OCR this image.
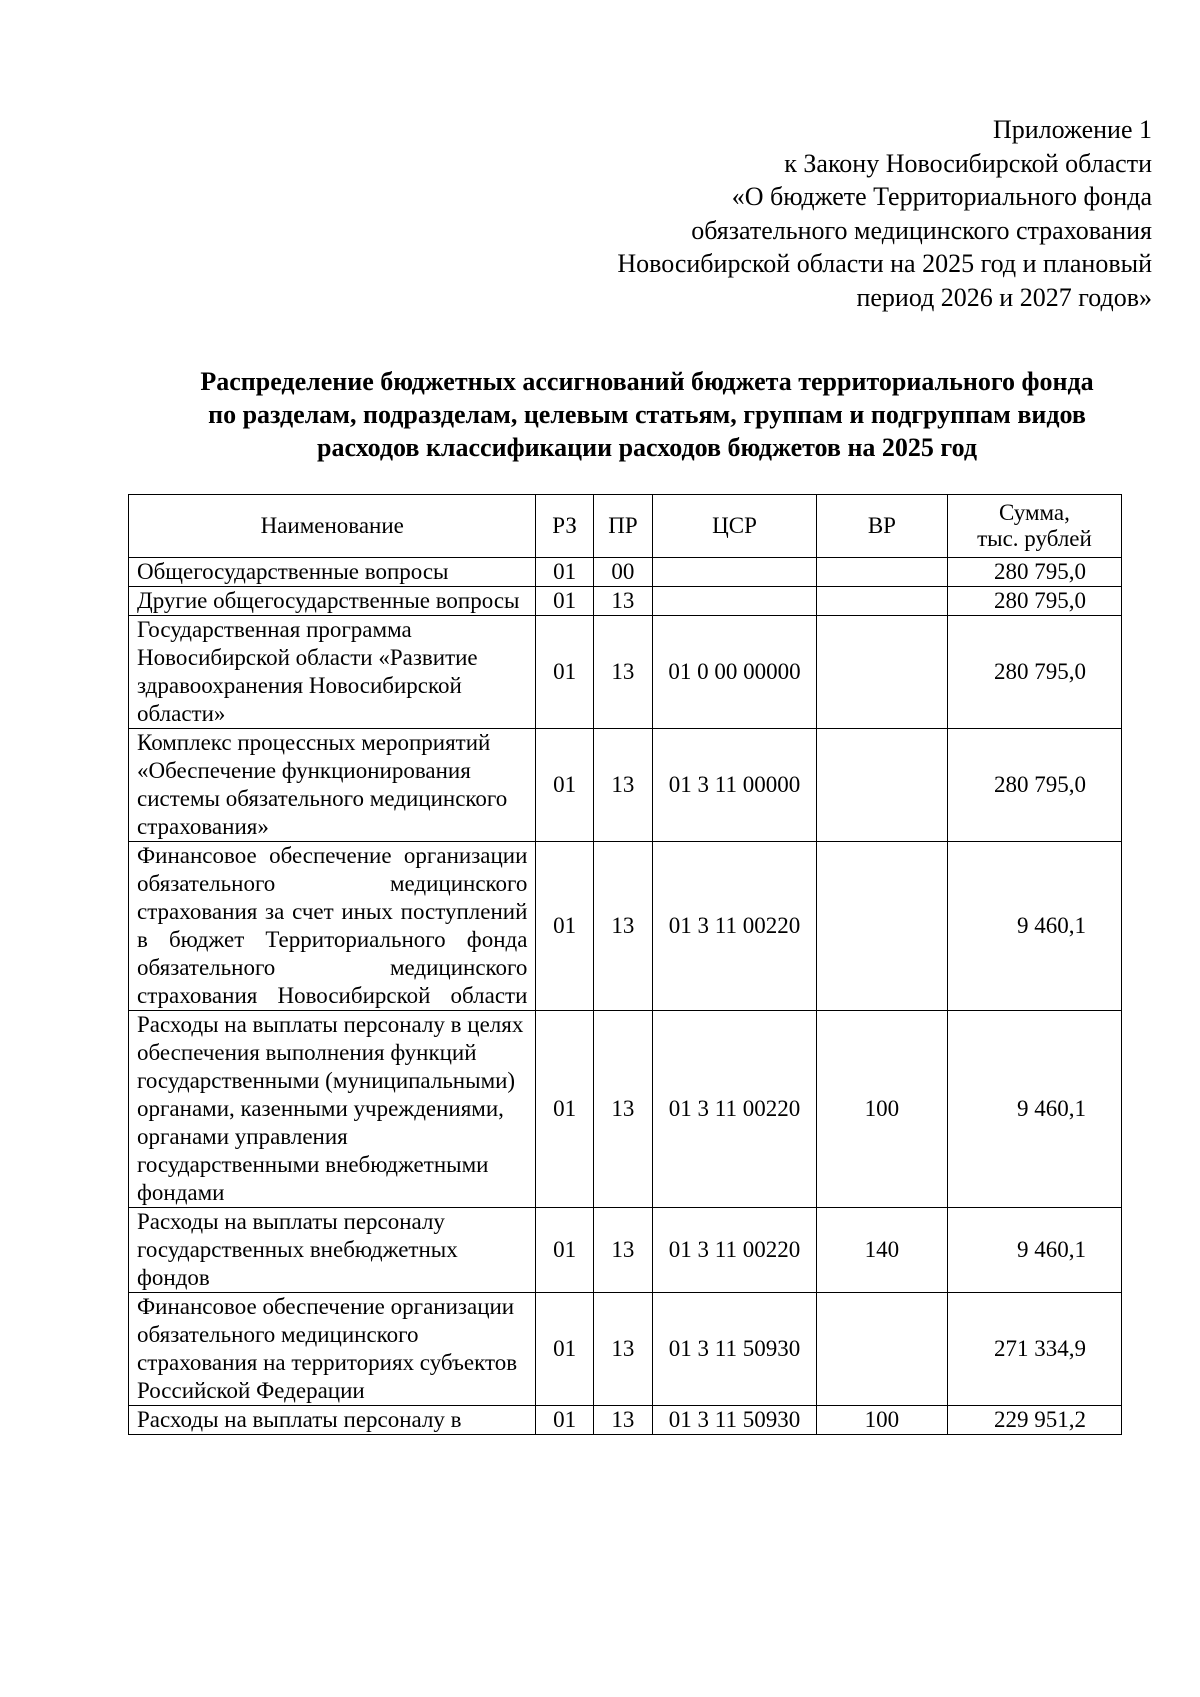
Приложение 1
к Закону Новосибирской области
«О бюджете Территориального фонда
обязательного медицинского страхования
Новосибирской области на 2025 год и плановый
период 2026 и 2027 годов»
Распределение бюджетных ассигнований бюджета территориального фонда
по разделам, подразделам, целевым статьям, группам и подгруппам видов
расходов классификации расходов бюджетов на 2025 год
Наименование	РЗ	ПР	ЦСР	ВР	Сумма,
тыс. рублей

Общегосударственные вопросы	01	00			280 795,0
Другие общегосударственные вопросы	01	13			280 795,0
Государственная программа Новосибирской области «Развитие здравоохранения Новосибирской области»	01	13	01 0 00 00000		280 795,0
Комплекс процессных мероприятий «Обеспечение функционирования системы обязательного медицинского страхования»	01	13	01 3 11 00000		280 795,0
Финансовое обеспечение организации обязательного медицинского страхования за счет иных поступлений в бюджет Территориального фонда обязательного медицинского страхования Новосибирской области	01	13	01 3 11 00220		9 460,1
Расходы на выплаты персоналу в целях обеспечения выполнения функций государственными (муниципальными) органами, казенными учреждениями, органами управления государственными внебюджетными фондами	01	13	01 3 11 00220	100	9 460,1
Расходы на выплаты персоналу государственных внебюджетных фондов	01	13	01 3 11 00220	140	9 460,1
Финансовое обеспечение организации обязательного медицинского страхования на территориях субъектов Российской Федерации	01	13	01 3 11 50930		271 334,9
Расходы на выплаты персоналу в	01	13	01 3 11 50930	100	229 951,2
